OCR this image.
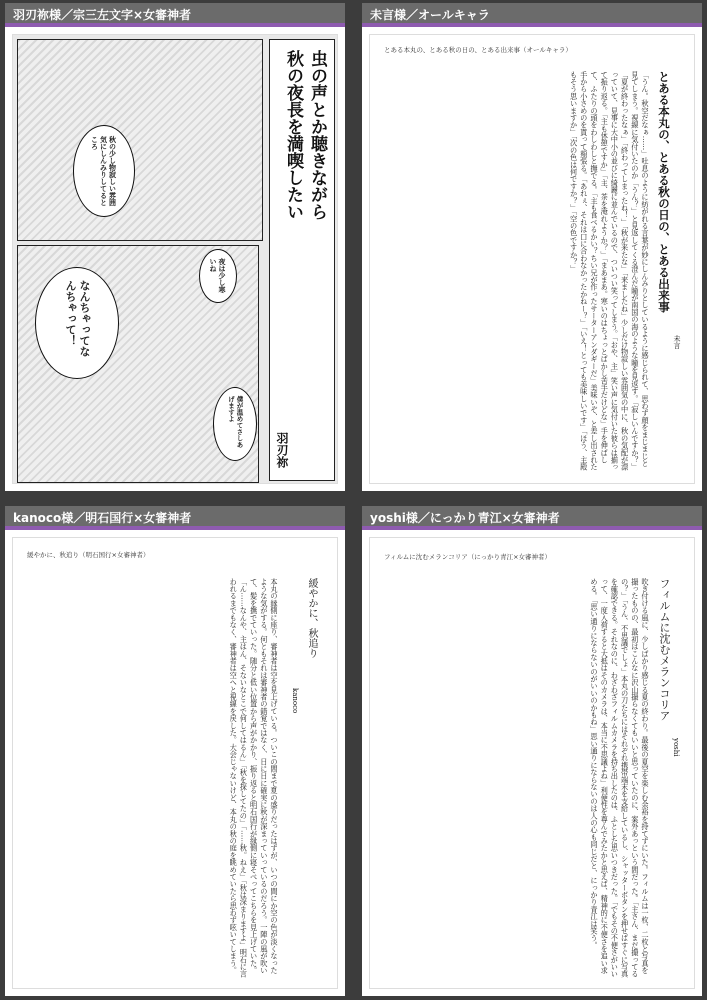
羽刃祢様／宗三左文字×女審神者
虫の声とか聴きながら
秋の夜長を満喫したい
羽刃祢
秋の少し物寂しい雰囲気にしんみりしてるところ
夜は少し寒いね
なんちゃってなんちゃって！
僕が温めてさしあげますよ
未言様／オールキャラ
とある本丸の、とある秋の日の、とある出来事（オールキャラ）
とある本丸の、とある秋の日の、とある出来事
未言
「うん。秋空だなぁ……」吐息のように紡がれる言葉が妙にしんみりとしているように感じられて、思わず顔をまじまじと見てしまう。視線に気付いたのか「うん？」と見返してくる澄んだ瞳が南国の海のような瞳を見返す。「寂しいんですか？」「夏が終わったなぁ」「終わってしまったね！」「秋が来たな」「来ましたね」少しだけ物寂しい雰囲気の中に、秋の気配が漂っていて、見事に大中小の並びに綺麗に並んでいるので、ついつい笑ってしまう。「おや、主」笑い声に気付いた彼らは揃って振り返る。「主も休憩ですか」「主、茶を淹れようか？」「まあまあ。寒いのはちょっとばかし苦手だけどな」手を伸ばして、ふたりの頭をわしわしと撫でる。「主も食べるかい？ちい兄が作ったサーターアンダギーだ」美味いぞ、と差し出された手から小さめのを貰って頬張る。「あれぇ、それは口に合わなかったかねー？」「いえ！とっても美味しいです」「ほう、主殿もそう思いますか」「次の色は何ですか？」「空の色ですか？」
kanoco様／明石国行×女審神者
緩やかに、秋追り（明石国行×女審神者）
緩やかに、秋追り
kanoco
本丸の縁側に座り、審神者は空を見上げている。ついこの間まで夏の盛りだったはずが、いつの間にか空の色が淡くなったような気がする。何ともそれは審神者の錯覚ではなく、日に日に確実に秋が深まっていっているのだろう。一陣の風が吹いて、髪を撫でていった。随分と低い位置から声がかかり、振り返ると明石国行が縁側に寝そべってこちらを見上げていた。「ん……なんや、主はん、そないなとこで何してはるん」「秋を探してたの」「……秋。ねえ」「秋は深まりますよ」明石に言われるまでもなく、審神者は空へと視線を戻した。大会じゃないけど、本丸の秋の庭を眺めていたら思わず呟いてしまう。
yoshi様／にっかり青江×女審神者
フィルムに沈むメランコリア（にっかり青江×女審神者）
フィルムに沈むメランコリア
yoshi
吹き付ける風に、少しばかり感じる夏の終わり。最後の夏空を楽しむ余裕を持てずにいた。フィルムは一枚、二枚と写真を撮ったものの、最初はこんなに沢山撮らなくてもいいと思っていたのに、案外あっという間だった。「主さん、まだ撮ってるの？」「うん、不思議でしょ」本丸の刀たちにはそれぞれ携帯端末を支給しているし、シャッターボタンを押せばすぐに写真を確認できる。それなのに、わざわざフィルムカメラを持ち出したのは、ふとした思いつきだった。「でもその不便さがいいって、一度入荷すると大抵はそのカメラは、本当に不思議よね」利便性を尊んでみたかと思えば、精神的に不便さを追い求める。「思い通りにならないのがいいのかもね」思い通りにならないのは人の心も同じだと、にっかり青江は笑う。
